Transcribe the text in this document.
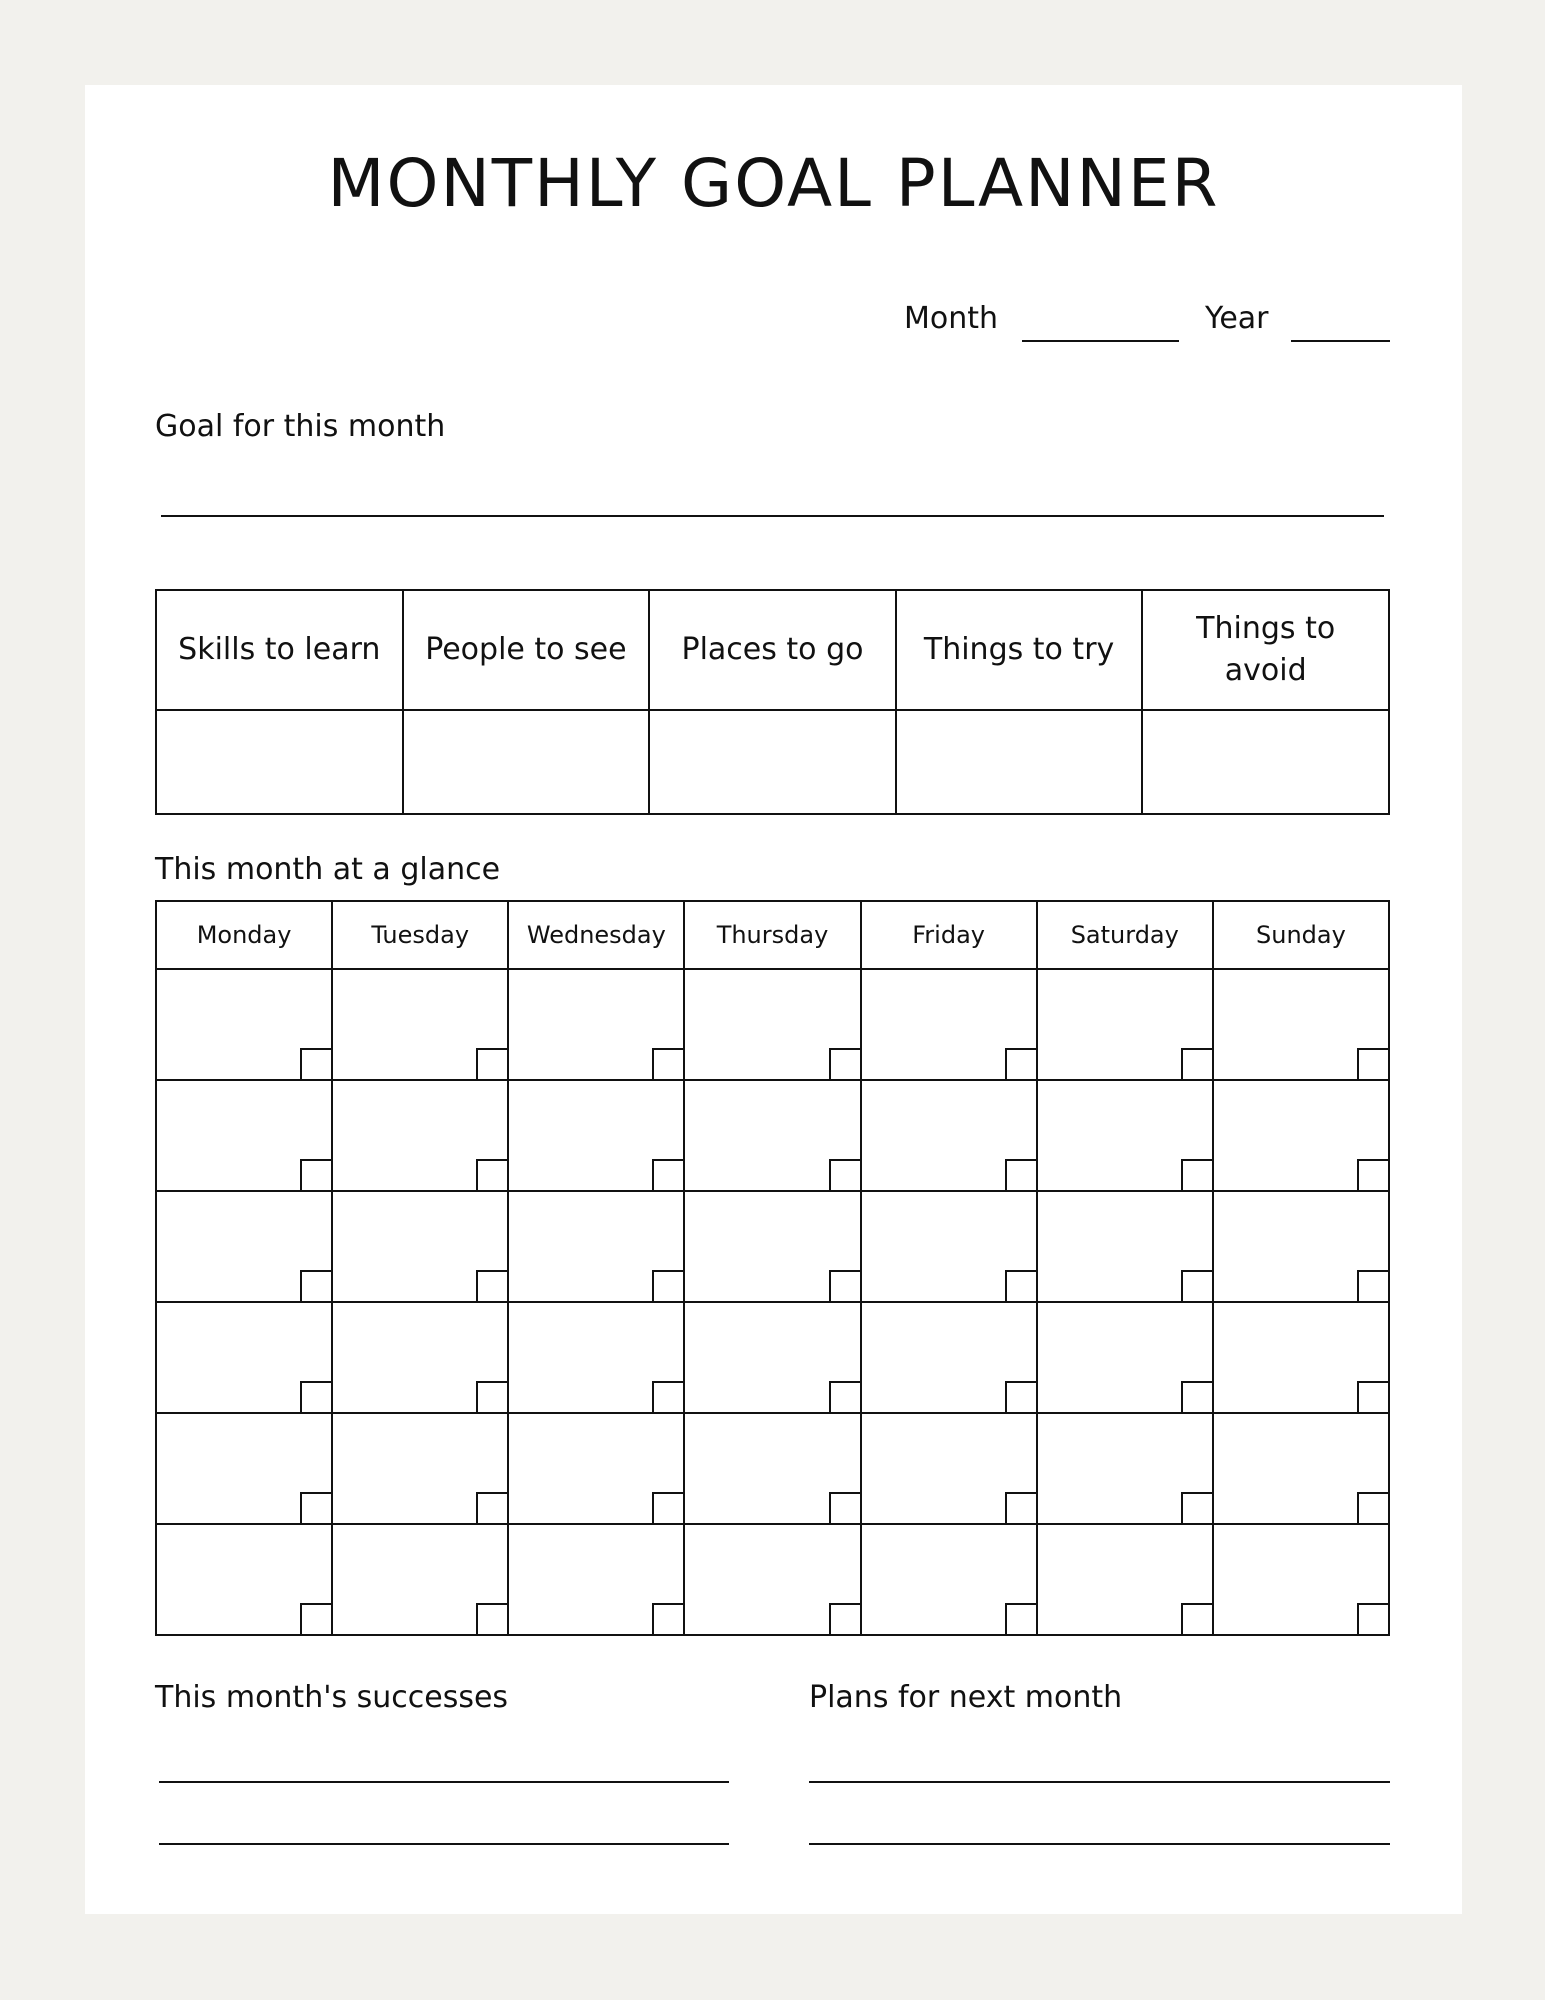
MONTHLY GOAL PLANNER
Month	Year
Goal for this month
Skills to learn	People to see	Places to go	Things to try	Things to avoid

This month at a glance
Monday	Tuesday	Wednesday	Thursday	Friday	Saturday	Sunday

This month's successes	Plans for next month
